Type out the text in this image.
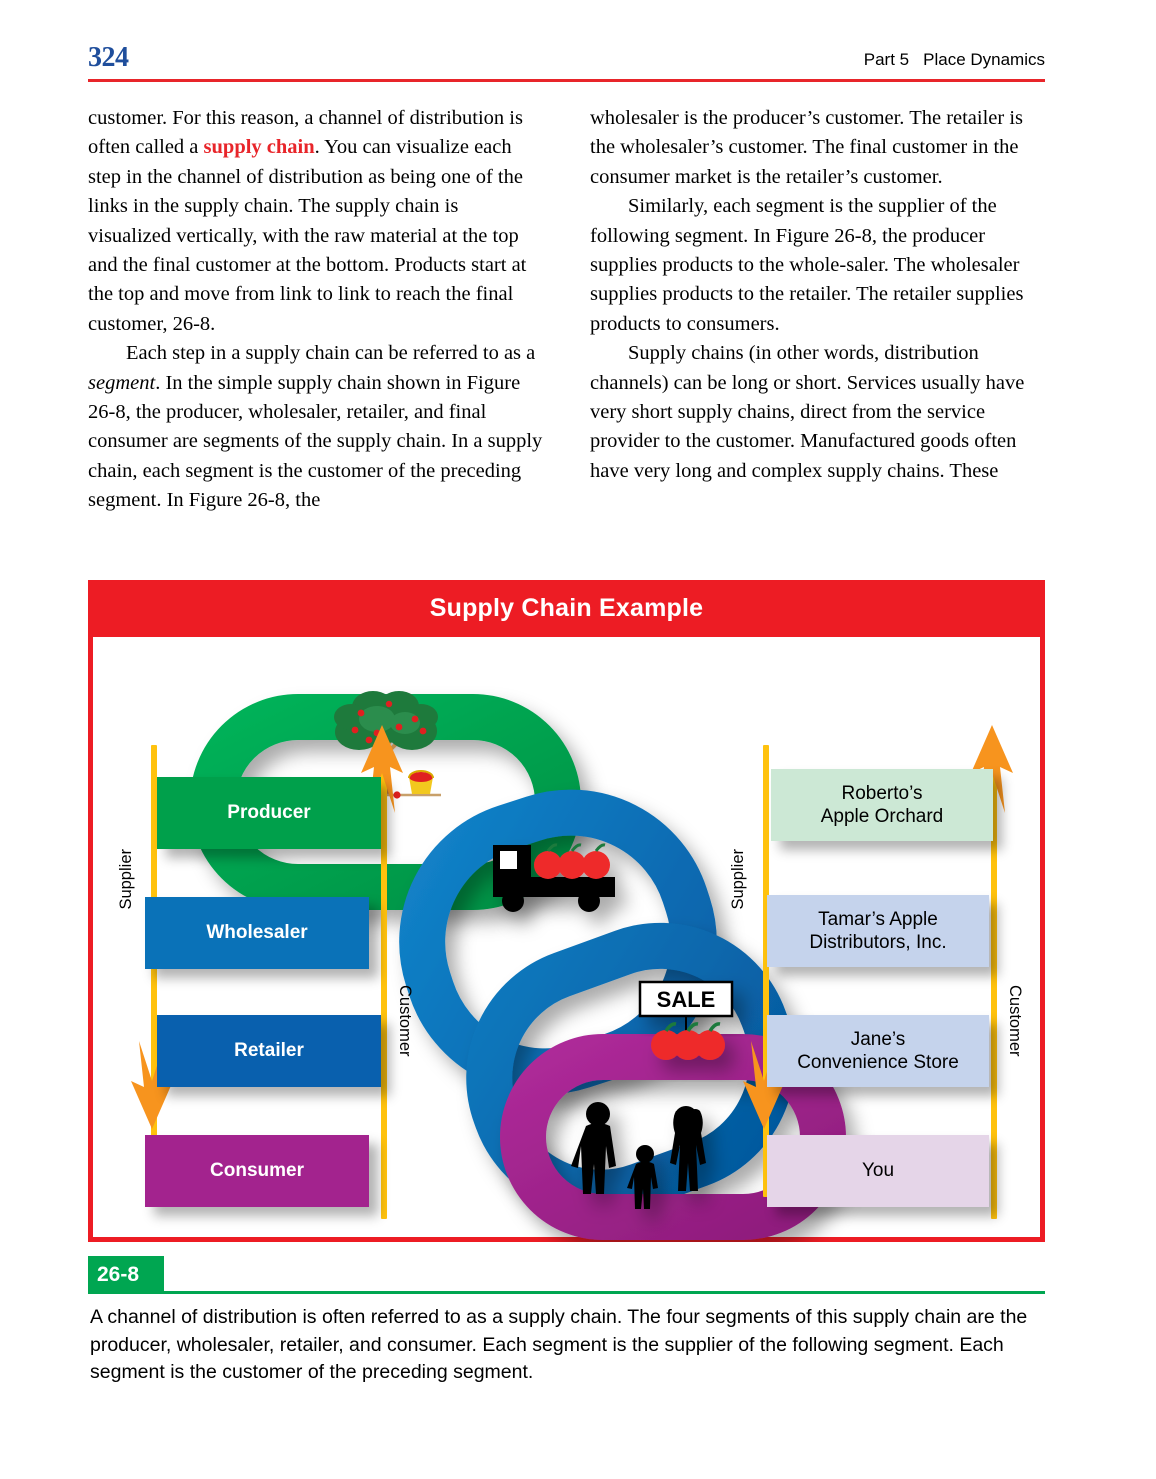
324	Part 5 Place Dynamics

customer. For this reason, a channel of distribution is often called a supply chain. You can visualize each step in the channel of distribution as being one of the links in the supply chain. The supply chain is visualized vertically, with the raw material at the top and the final customer at the bottom. Products start at the top and move from link to link to reach the final customer, 26-8.

Each step in a supply chain can be referred to as a segment. In the simple supply chain shown in Figure 26-8, the producer, wholesaler, retailer, and final consumer are segments of the supply chain. In a supply chain, each segment is the customer of the preceding segment. In Figure 26-8, the

wholesaler is the producer’s customer. The retailer is the wholesaler’s customer. The final customer in the consumer market is the retailer’s customer.

Similarly, each segment is the supplier of the following segment. In Figure 26-8, the producer supplies products to the whole-saler. The wholesaler supplies products to the retailer. The retailer supplies products to consumers.

Supply chains (in other words, distribution channels) can be long or short. Services usually have very short supply chains, direct from the service provider to the customer. Manufactured goods often have very long and complex supply chains. These

Supply Chain Example
SALE
Supplier
Customer
Producer
Wholesaler
Retailer
Consumer
Supplier
Customer
Roberto’s
Apple Orchard
Tamar’s Apple
Distributors, Inc.
Jane’s
Convenience Store
You
26-8
A channel of distribution is often referred to as a supply chain. The four segments of this supply chain are the producer, wholesaler, retailer, and consumer. Each segment is the supplier of the following segment. Each segment is the customer of the preceding segment.
